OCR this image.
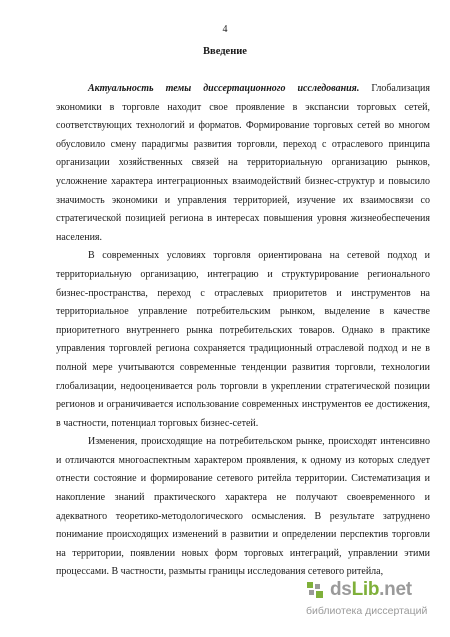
4
Введение

Актуальность темы диссертационного исследования. Глобализация экономики в торговле находит свое проявление в экспансии торговых сетей, соответствующих технологий и форматов. Формирование торговых сетей во многом обусловило смену парадигмы развития торговли, переход с отраслевого принципа организации хозяйственных связей на территориальную организацию рынков, усложнение характера интеграционных взаимодействий бизнес-структур и повысило значимость экономики и управления территорией, изучение их взаимосвязи со стратегической позицией региона в интересах повышения уровня жизнеобеспечения населения.

В современных условиях торговля ориентирована на сетевой подход и территориальную организацию, интеграцию и структурирование регионального бизнес-пространства, переход с отраслевых приоритетов и инструментов на территориальное управление потребительским рынком, выделение в качестве приоритетного внутреннего рынка потребительских товаров. Однако в практике управления торговлей региона сохраняется традиционный отраслевой подход и не в полной мере учитываются современные тенденции развития торговли, технологии глобализации, недооценивается роль торговли в укреплении стратегической позиции регионов и ограничивается использование современных инструментов ее достижения, в частности, потенциал торговых бизнес-сетей.

Изменения, происходящие на потребительском рынке, происходят интенсивно и отличаются многоаспектным характером проявления, к одному из которых следует отнести состояние и формирование сетевого ритейла территории. Систематизация и накопление знаний практического характера не получают своевременного и адекватного теоретико-методологического осмысления. В результате затруднено понимание происходящих изменений в развитии и определении перспектив торговли на территории, появлении новых форм торговых интеграций, управлении этими процессами. В частности, размыты границы исследования сетевого ритейла,

dsLib.net
библиотека диссертаций
